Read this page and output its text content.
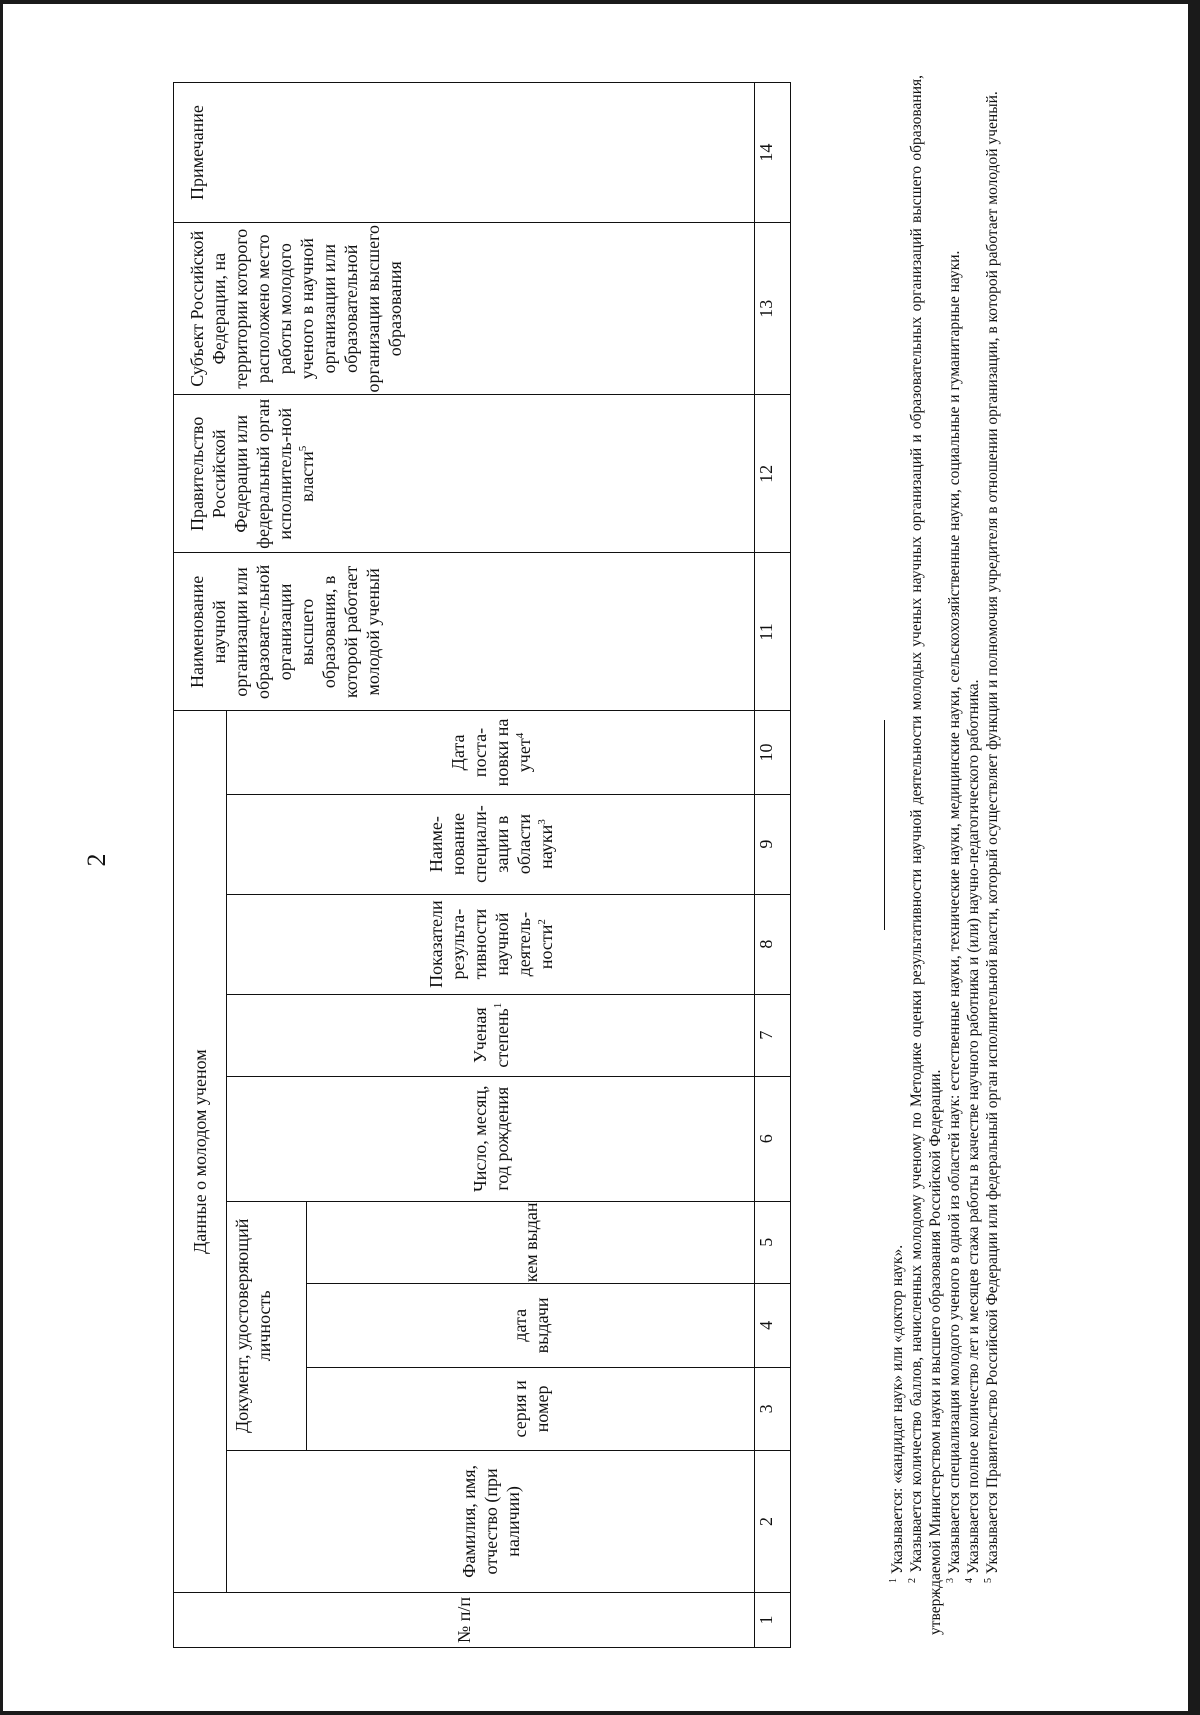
2
№ п/п	Данные о молодом ученом									Наименование научной организации или образовате-льной организации высшего образования, в которой работает молодой ученый	Правительство Российской Федерации или федеральный орган исполнитель-ной власти$^5$	Субъект Российской Федерации, на территории которого расположено место работы молодого ученого в научной организации или образовательной организации высшего образования	Примечание

	Фамилия, имя, отчество (при наличии)	Документ, удостоверяющий личность			Число, месяц, год рождения	Ученая степень$^1$	Показатели результа-тивности научной деятель-ности$^2$	Наиме-нование специали-зации в области науки$^3$	Дата поста-новки на учет$^4$
		серия и номер	дата выдачи	кем выдан									
1	2	3	4	5	6	7	8	9	10	11	12	13	14
$^1$ Указывается: «кандидат наук» или «доктор наук».
$^2$ Указывается количество баллов, начисленных молодому ученому по Методике оценки результативности научной деятельности молодых ученых научных организаций и образовательных организаций высшего образования, утверждаемой Министерством науки и высшего образования Российской Федерации. $^3$ Указывается специализация молодого ученого в одной из областей наук: естественные науки, технические науки, медицинские науки, сельскохозяйственные науки, социальные и гуманитарные науки.
$^4$ Указывается полное количество лет и месяцев стажа работы в качестве научного работника и (или) научно-педагогического работника.
$^5$ Указывается Правительство Российской Федерации или федеральный орган исполнительной власти, который осуществляет функции и полномочия учредителя в отношении организации, в которой работает молодой ученый.
